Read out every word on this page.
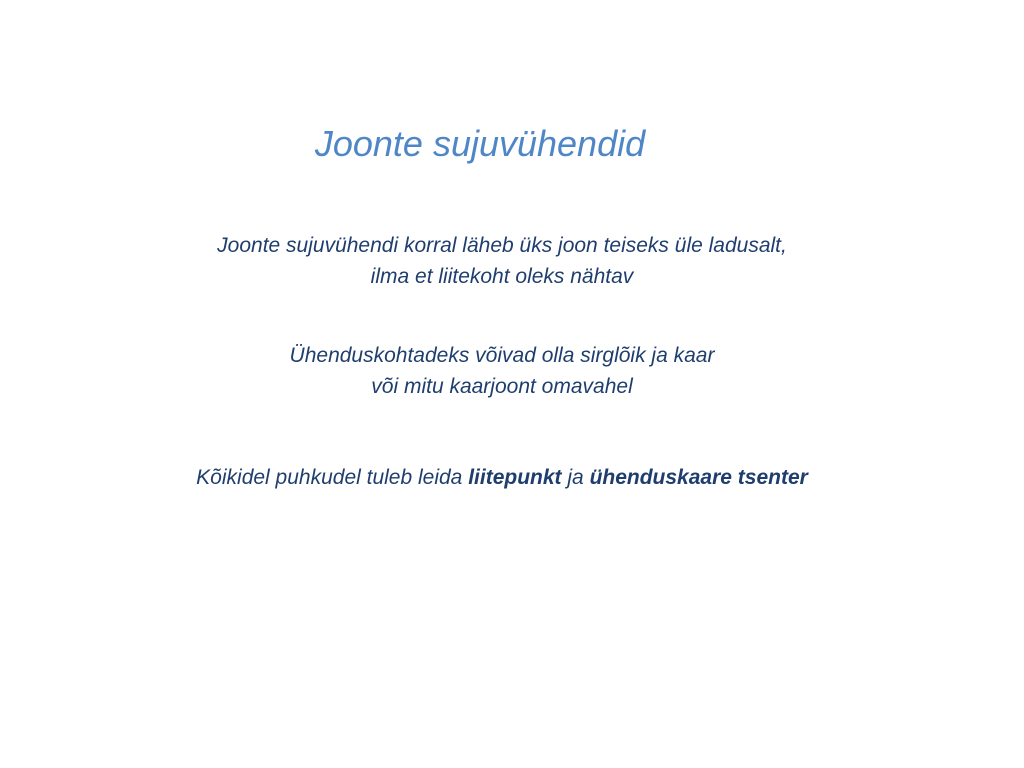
Joonte sujuvühendid
Joonte sujuvühendi korral läheb üks joon teiseks üle ladusalt,
ilma et liitekoht oleks nähtav
Ühenduskohtadeks võivad olla sirglõik ja kaar
või mitu kaarjoont omavahel
Kõikidel puhkudel tuleb leida liitepunkt ja ühenduskaare tsenter
